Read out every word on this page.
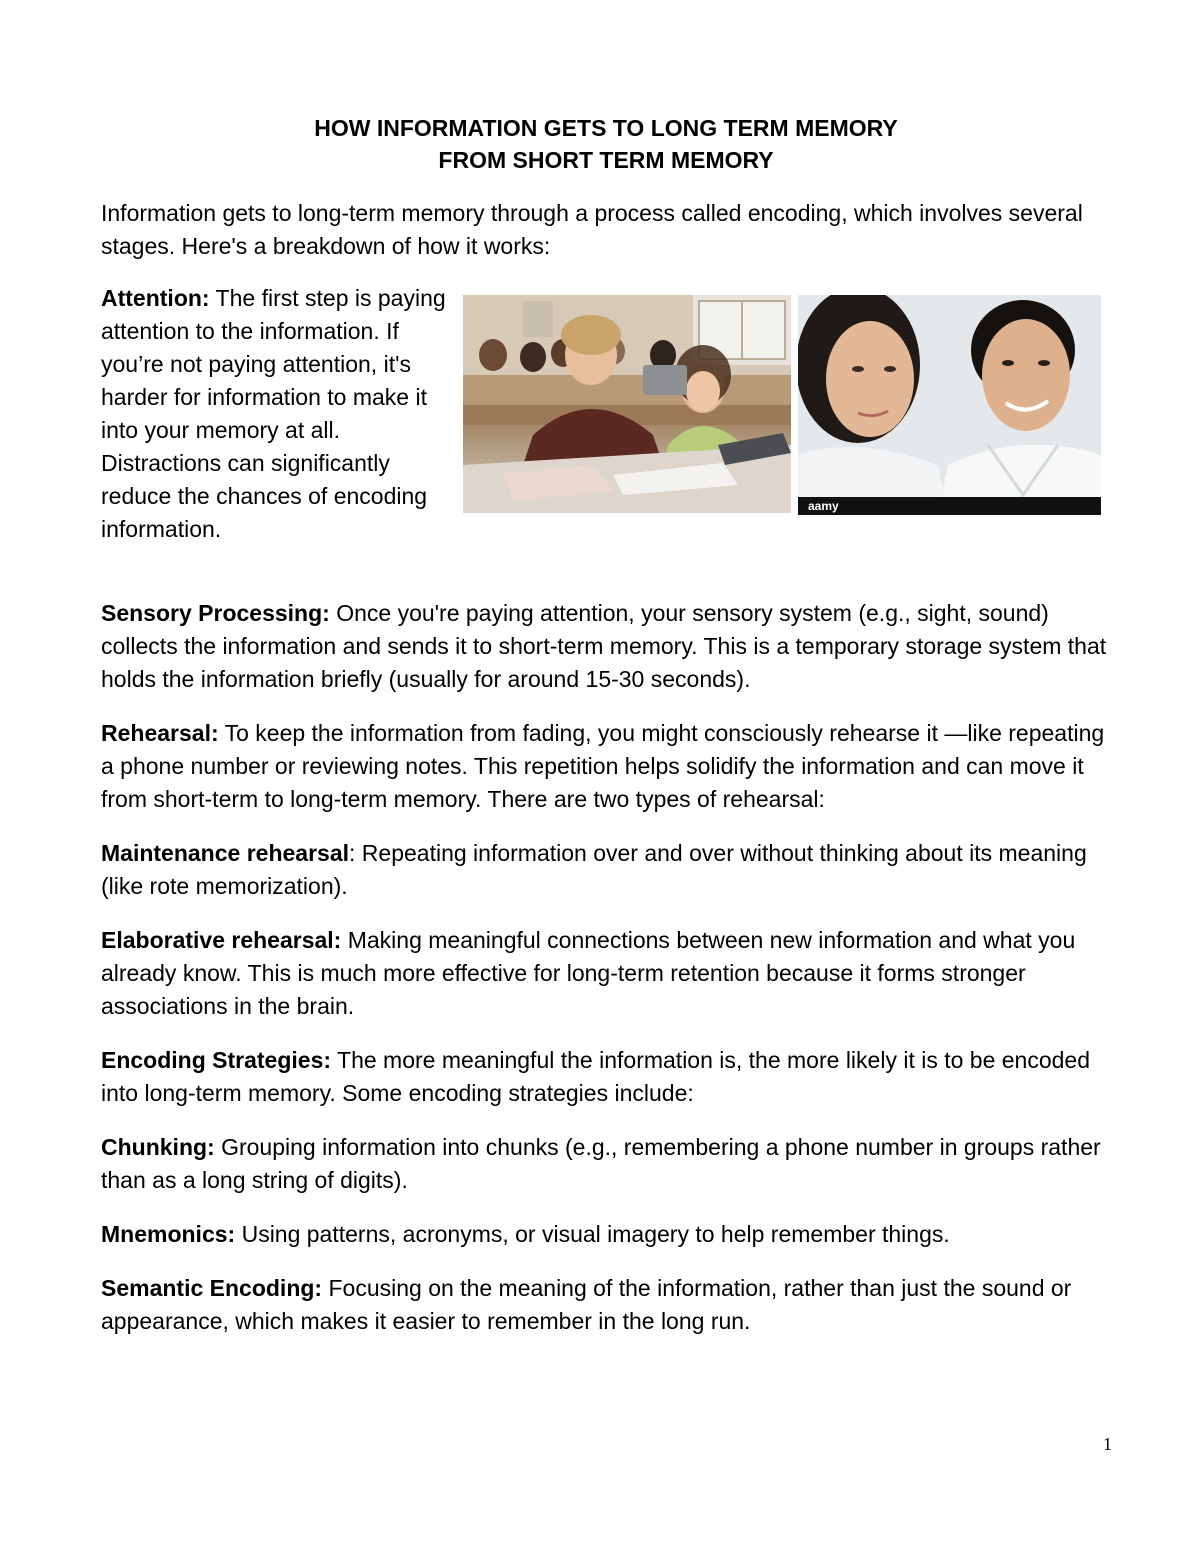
HOW INFORMATION GETS TO LONG TERM MEMORY
FROM SHORT TERM MEMORY

Information gets to long-term memory through a process called encoding, which involves several stages. Here's a breakdown of how it works:

Attention: The first step is paying attention to the information. If you’re not paying attention, it's harder for information to make it into your memory at all. Distractions can significantly reduce the chances of encoding information.

Sensory Processing: Once you're paying attention, your sensory system (e.g., sight, sound) collects the information and sends it to short-term memory. This is a temporary storage system that holds the information briefly (usually for around 15-30 seconds).

Rehearsal: To keep the information from fading, you might consciously rehearse it —like repeating a phone number or reviewing notes. This repetition helps solidify the information and can move it from short-term to long-term memory. There are two types of rehearsal:

Maintenance rehearsal: Repeating information over and over without thinking about its meaning (like rote memorization).

Elaborative rehearsal: Making meaningful connections between new information and what you already know. This is much more effective for long-term retention because it forms stronger associations in the brain.

Encoding Strategies: The more meaningful the information is, the more likely it is to be encoded into long-term memory. Some encoding strategies include:

Chunking: Grouping information into chunks (e.g., remembering a phone number in groups rather than as a long string of digits).

Mnemonics: Using patterns, acronyms, or visual imagery to help remember things.

Semantic Encoding: Focusing on the meaning of the information, rather than just the sound or appearance, which makes it easier to remember in the long run.

aamy
1
